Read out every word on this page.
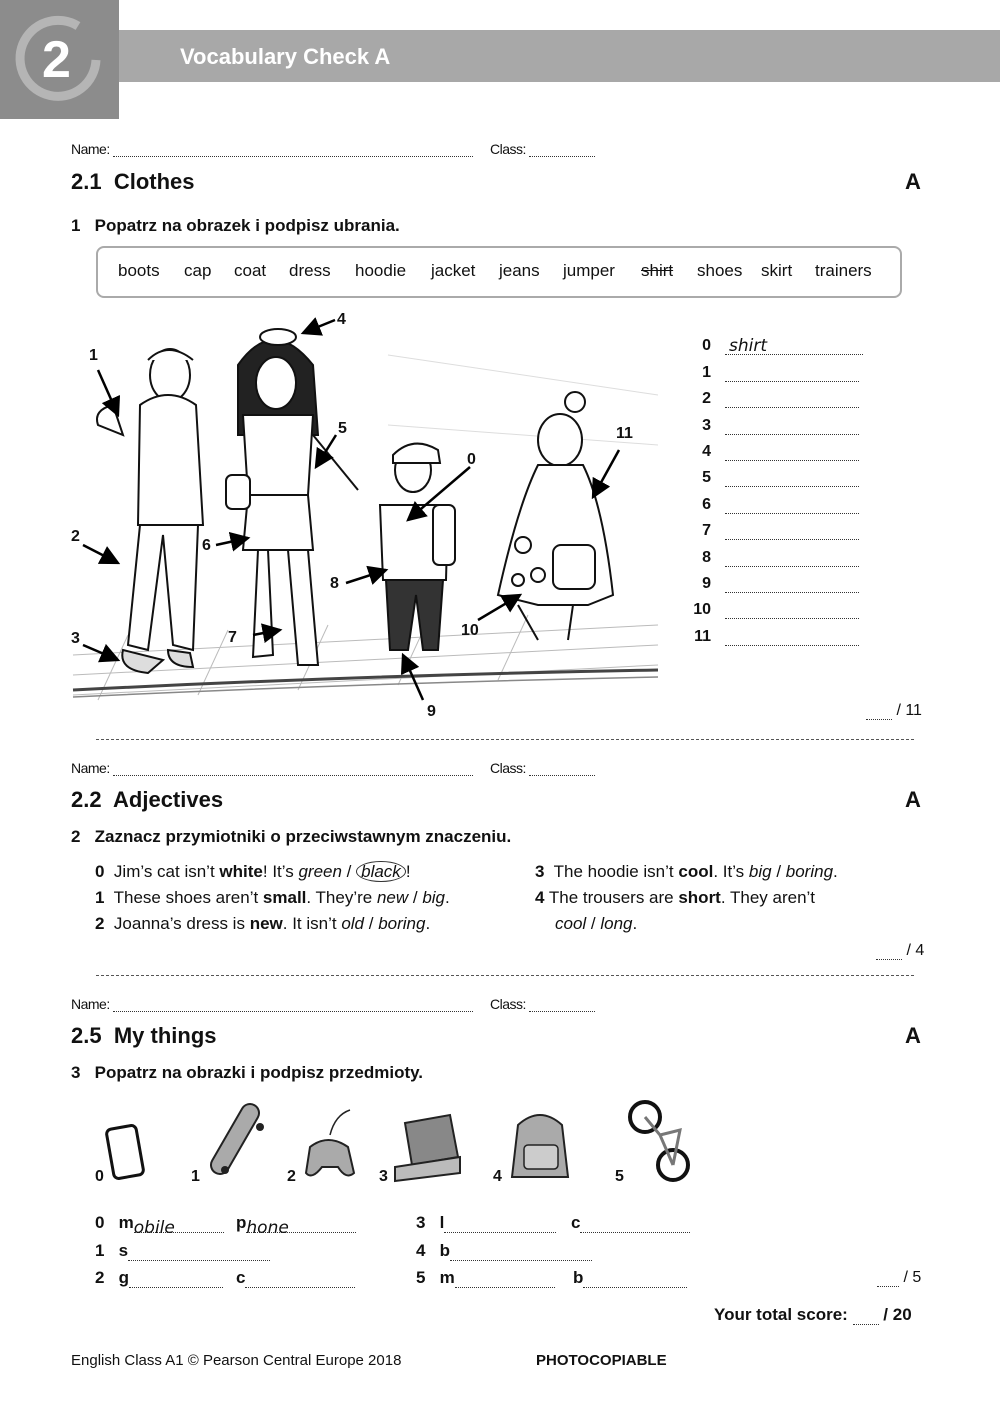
Vocabulary Check A
2
Name:	Class:
2.1 Clothes	A
1 Popatrz na obrazek i podpisz ubrania.
boots cap coat dress hoodie jacket jeans jumper shirt shoes skirt trainers
0
1
2
3
4
5
6
7
8
9
10
11
0 shirt
1
2
3
4
5
6
7
8
9
10
11
/ 11
Name:	Class:
2.2 Adjectives	A
2 Zaznacz przymiotniki o przeciwstawnym znaczeniu.
0 Jim’s cat isn’t white! It’s green / black !
1 These shoes aren’t small. They’re new / big.
2 Joanna’s dress is new. It isn’t old / boring.
3 The hoodie isn’t cool. It’s big / boring.
4 The trousers are short. They aren’t
cool / long.
/ 4
Name:	Class:
2.5 My things	A
3 Popatrz na obrazki i podpisz przedmioty.
0	1	2	3	4	5
0 mobile	phone
1 s
2 g	c
3 l	c
4 b
5 m	b	/ 5
Your total score: / 20
English Class A1 © Pearson Central Europe 2018	PHOTOCOPIABLE
